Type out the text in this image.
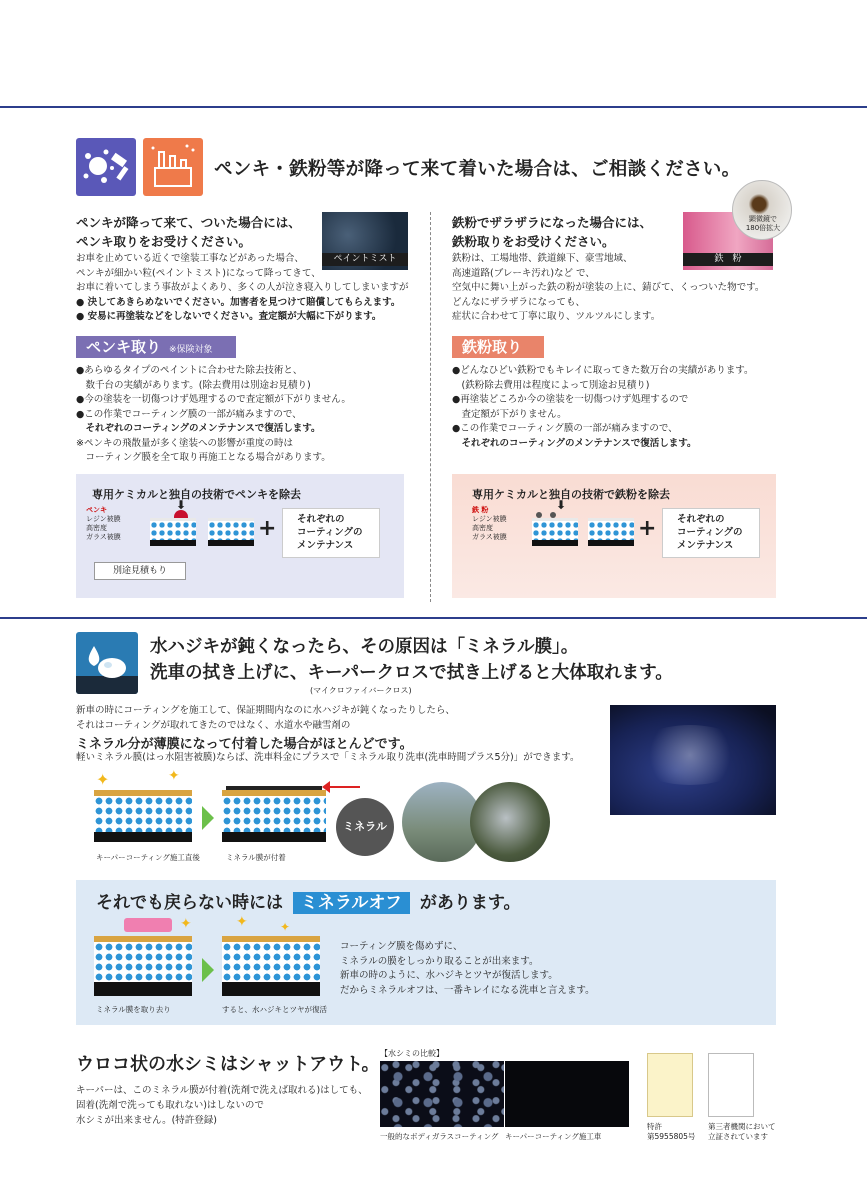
ペンキ・鉄粉等が降って来て着いた場合は、ご相談ください。
ペンキが降って来て、ついた場合には、
ペンキ取りをお受けください。
ペイントミスト
お車を止めている近くで塗装工事などがあった場合、
ペンキが細かい粒(ペイントミスト)になって降ってきて、
お車に着いてしまう事故がよくあり、多くの人が泣き寝入りしてしまいますが
● 決してあきらめないでください。加害者を見つけて賠償してもらえます。
● 安易に再塗装などをしないでください。査定額が大幅に下がります。
ペンキ取り ※保険対象
●あらゆるタイプのペイントに合わせた除去技術と、
　数千台の実績があります。(除去費用は別途お見積り)
●今の塗装を一切傷つけず処理するので査定額が下がりません。
●この作業でコーティング膜の一部が痛みますので、
　それぞれのコーティングのメンテナンスで復活します。
※ペンキの飛散量が多く塗装への影響が重度の時は
　コーティング膜を全て取り再施工となる場合があります。
専用ケミカルと独自の技術でペンキを除去
ペンキ
レジン被膜
高密度
ガラス被膜
⬇
+ それぞれの
コーティングの
メンテナンス
別途見積もり
鉄粉でザラザラになった場合には、
鉄粉取りをお受けください。
鉄　粉
顕微鏡で
180倍拡大
鉄粉は、工場地帯、鉄道線下、豪雪地域、
高速道路(ブレーキ汚れ)など で、
空気中に舞い上がった鉄の粉が塗装の上に、錆びて、くっついた物です。
どんなにザラザラになっても、
症状に合わせて丁寧に取り、ツルツルにします。
鉄粉取り
●どんなひどい鉄粉でもキレイに取ってきた数万台の実績があります。
　(鉄粉除去費用は程度によって別途お見積り)
●再塗装どころか今の塗装を一切傷つけず処理するので
　査定額が下がりません。
●この作業でコーティング膜の一部が痛みますので、
　それぞれのコーティングのメンテナンスで復活します。
専用ケミカルと独自の技術で鉄粉を除去
鉄 粉
レジン被膜
高密度
ガラス被膜
⬇
+ それぞれの
コーティングの
メンテナンス
水ハジキが鈍くなったら、その原因は「ミネラル膜」。
洗車の拭き上げに、キーパークロスで拭き上げると大体取れます。
(マイクロファイバークロス)
新車の時にコーティングを施工して、保証期間内なのに水ハジキが鈍くなったりしたら、
それはコーティングが取れてきたのではなく、水道水や融雪剤の
ミネラル分が薄膜になって付着した場合がほとんどです。
軽いミネラル膜(はっ水阻害被膜)ならば、洗車料金にプラスで「ミネラル取り洗車(洗車時間プラス5分)」ができます。
✦	✦
キーパーコーティング施工直後	ミネラル膜が付着
ミネラル
それでも戻らない時には ミネラルオフ があります。
✦
ミネラル膜を取り去り
✦	✦
すると、水ハジキとツヤが復活
コーティング膜を傷めずに、
ミネラルの膜をしっかり取ることが出来ます。
新車の時のように、水ハジキとツヤが復活します。
だからミネラルオフは、一番キレイになる洗車と言えます。
ウロコ状の水シミはシャットアウト。
キーパーは、このミネラル膜が付着(洗剤で洗えば取れる)はしても、
固着(洗剤で洗っても取れない)はしないので
水シミが出来ません。(特許登録)
【水シミの比較】
一般的なボディガラスコーティング キーパーコーティング施工車
特許
第5955805号
第三者機関において
立証されています
